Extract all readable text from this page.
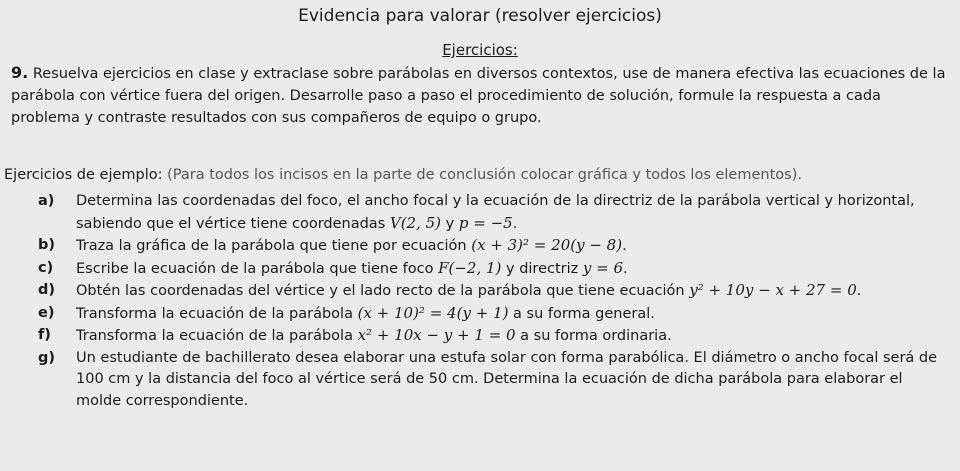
Evidencia para valorar (resolver ejercicios)
Ejercicios:
9. Resuelva ejercicios en clase y extraclase sobre parábolas en diversos contextos, use de manera efectiva las ecuaciones de la parábola con vértice fuera del origen. Desarrolle paso a paso el procedimiento de solución, formule la respuesta a cada problema y contraste resultados con sus compañeros de equipo o grupo.
Ejercicios de ejemplo: (Para todos los incisos en la parte de conclusión colocar gráfica y todos los elementos).
a)	Determina las coordenadas del foco, el ancho focal y la ecuación de la directriz de la parábola vertical y horizontal, sabiendo que el vértice tiene coordenadas V(2, 5) y p = −5.
b)	Traza la gráfica de la parábola que tiene por ecuación (x + 3)² = 20(y − 8).
c)	Escribe la ecuación de la parábola que tiene foco F(−2, 1) y directriz y = 6.
d)	Obtén las coordenadas del vértice y el lado recto de la parábola que tiene ecuación y² + 10y − x + 27 = 0.
e)	Transforma la ecuación de la parábola (x + 10)² = 4(y + 1) a su forma general.
f)	Transforma la ecuación de la parábola x² + 10x − y + 1 = 0 a su forma ordinaria.
g)	Un estudiante de bachillerato desea elaborar una estufa solar con forma parabólica. El diámetro o ancho focal será de 100 cm y la distancia del foco al vértice será de 50 cm. Determina la ecuación de dicha parábola para elaborar el molde correspondiente.
